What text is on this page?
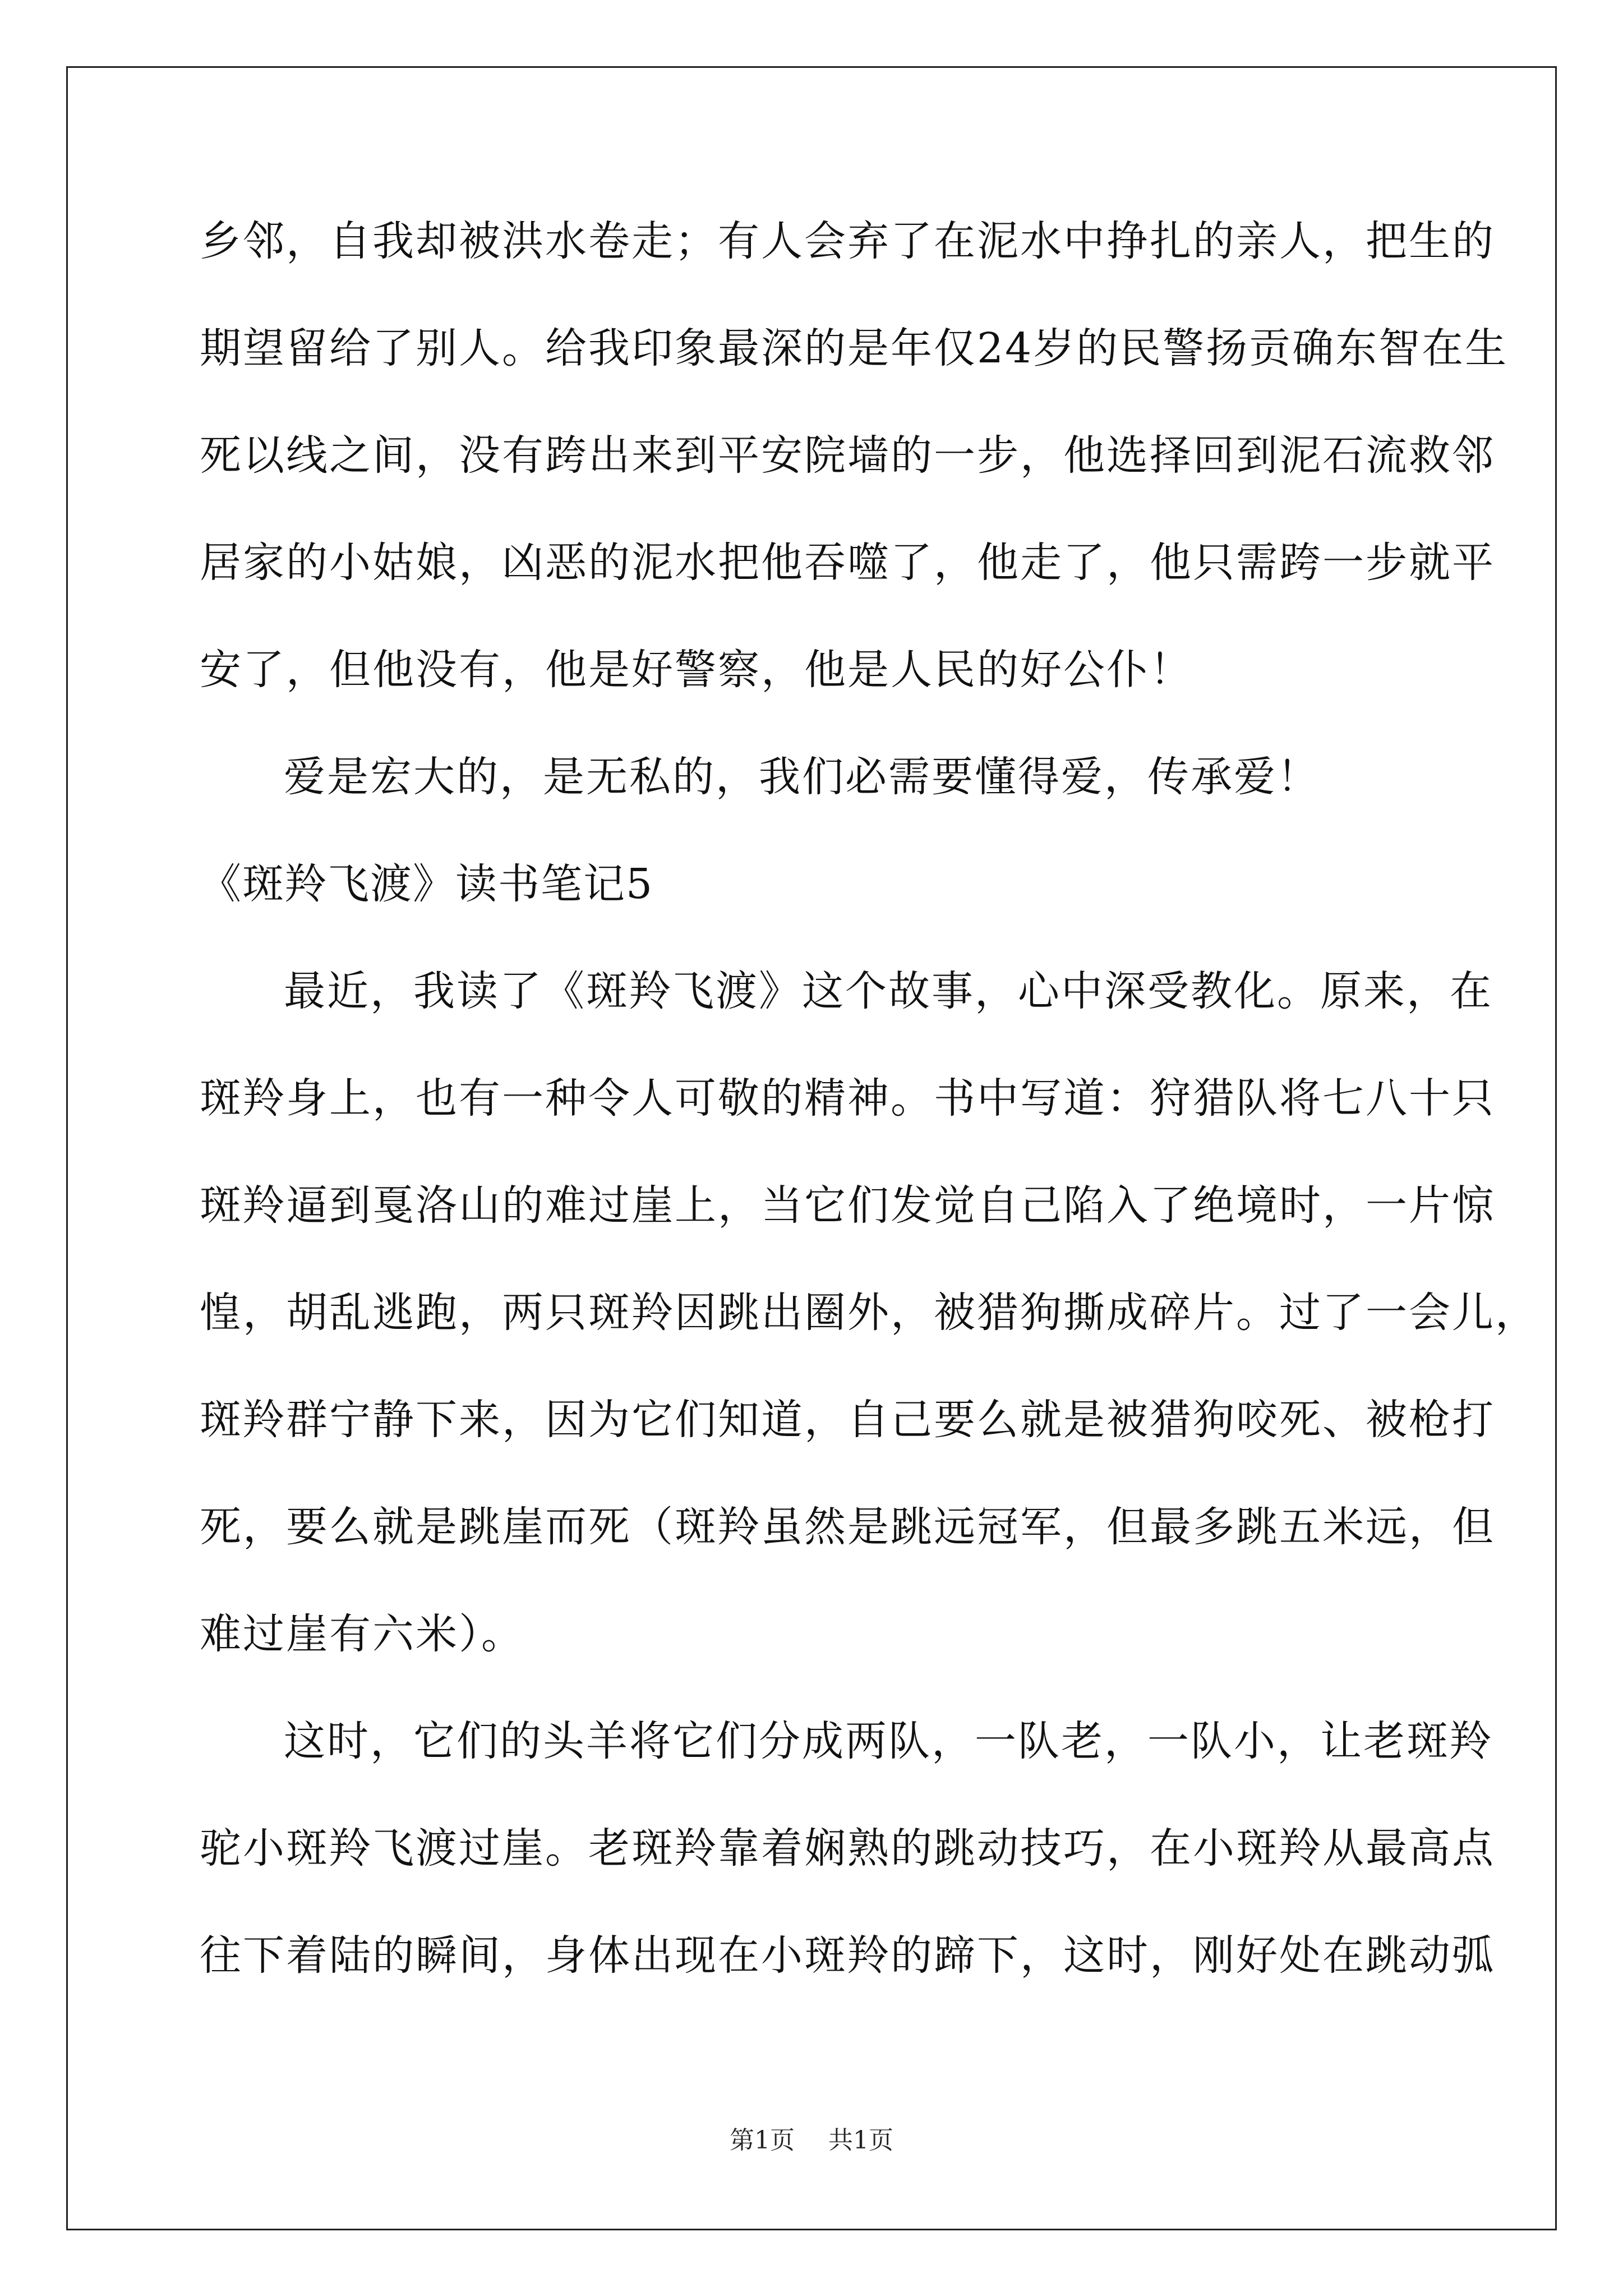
乡邻，自我却被洪水卷走；有人会弃了在泥水中挣扎的亲人，把生的
期望留给了别人。给我印象最深的是年仅24岁的民警扬贡确东智在生
死以线之间，没有跨出来到平安院墙的一步，他选择回到泥石流救邻
居家的小姑娘，凶恶的泥水把他吞噬了，他走了，他只需跨一步就平
安了，但他没有，他是好警察，他是人民的好公仆！
爱是宏大的，是无私的，我们必需要懂得爱，传承爱！
《斑羚飞渡》读书笔记5
最近，我读了《斑羚飞渡》这个故事，心中深受教化。原来，在
斑羚身上，也有一种令人可敬的精神。书中写道：狩猎队将七八十只
斑羚逼到戛洛山的难过崖上，当它们发觉自己陷入了绝境时，一片惊
惶，胡乱逃跑，两只斑羚因跳出圈外，被猎狗撕成碎片。过了一会儿，
斑羚群宁静下来，因为它们知道，自己要么就是被猎狗咬死、被枪打
死，要么就是跳崖而死（斑羚虽然是跳远冠军，但最多跳五米远，但
难过崖有六米）。
这时，它们的头羊将它们分成两队，一队老，一队小，让老斑羚
驼小斑羚飞渡过崖。老斑羚靠着娴熟的跳动技巧，在小斑羚从最高点
往下着陆的瞬间，身体出现在小斑羚的蹄下，这时，刚好处在跳动弧
第1页 共1页
